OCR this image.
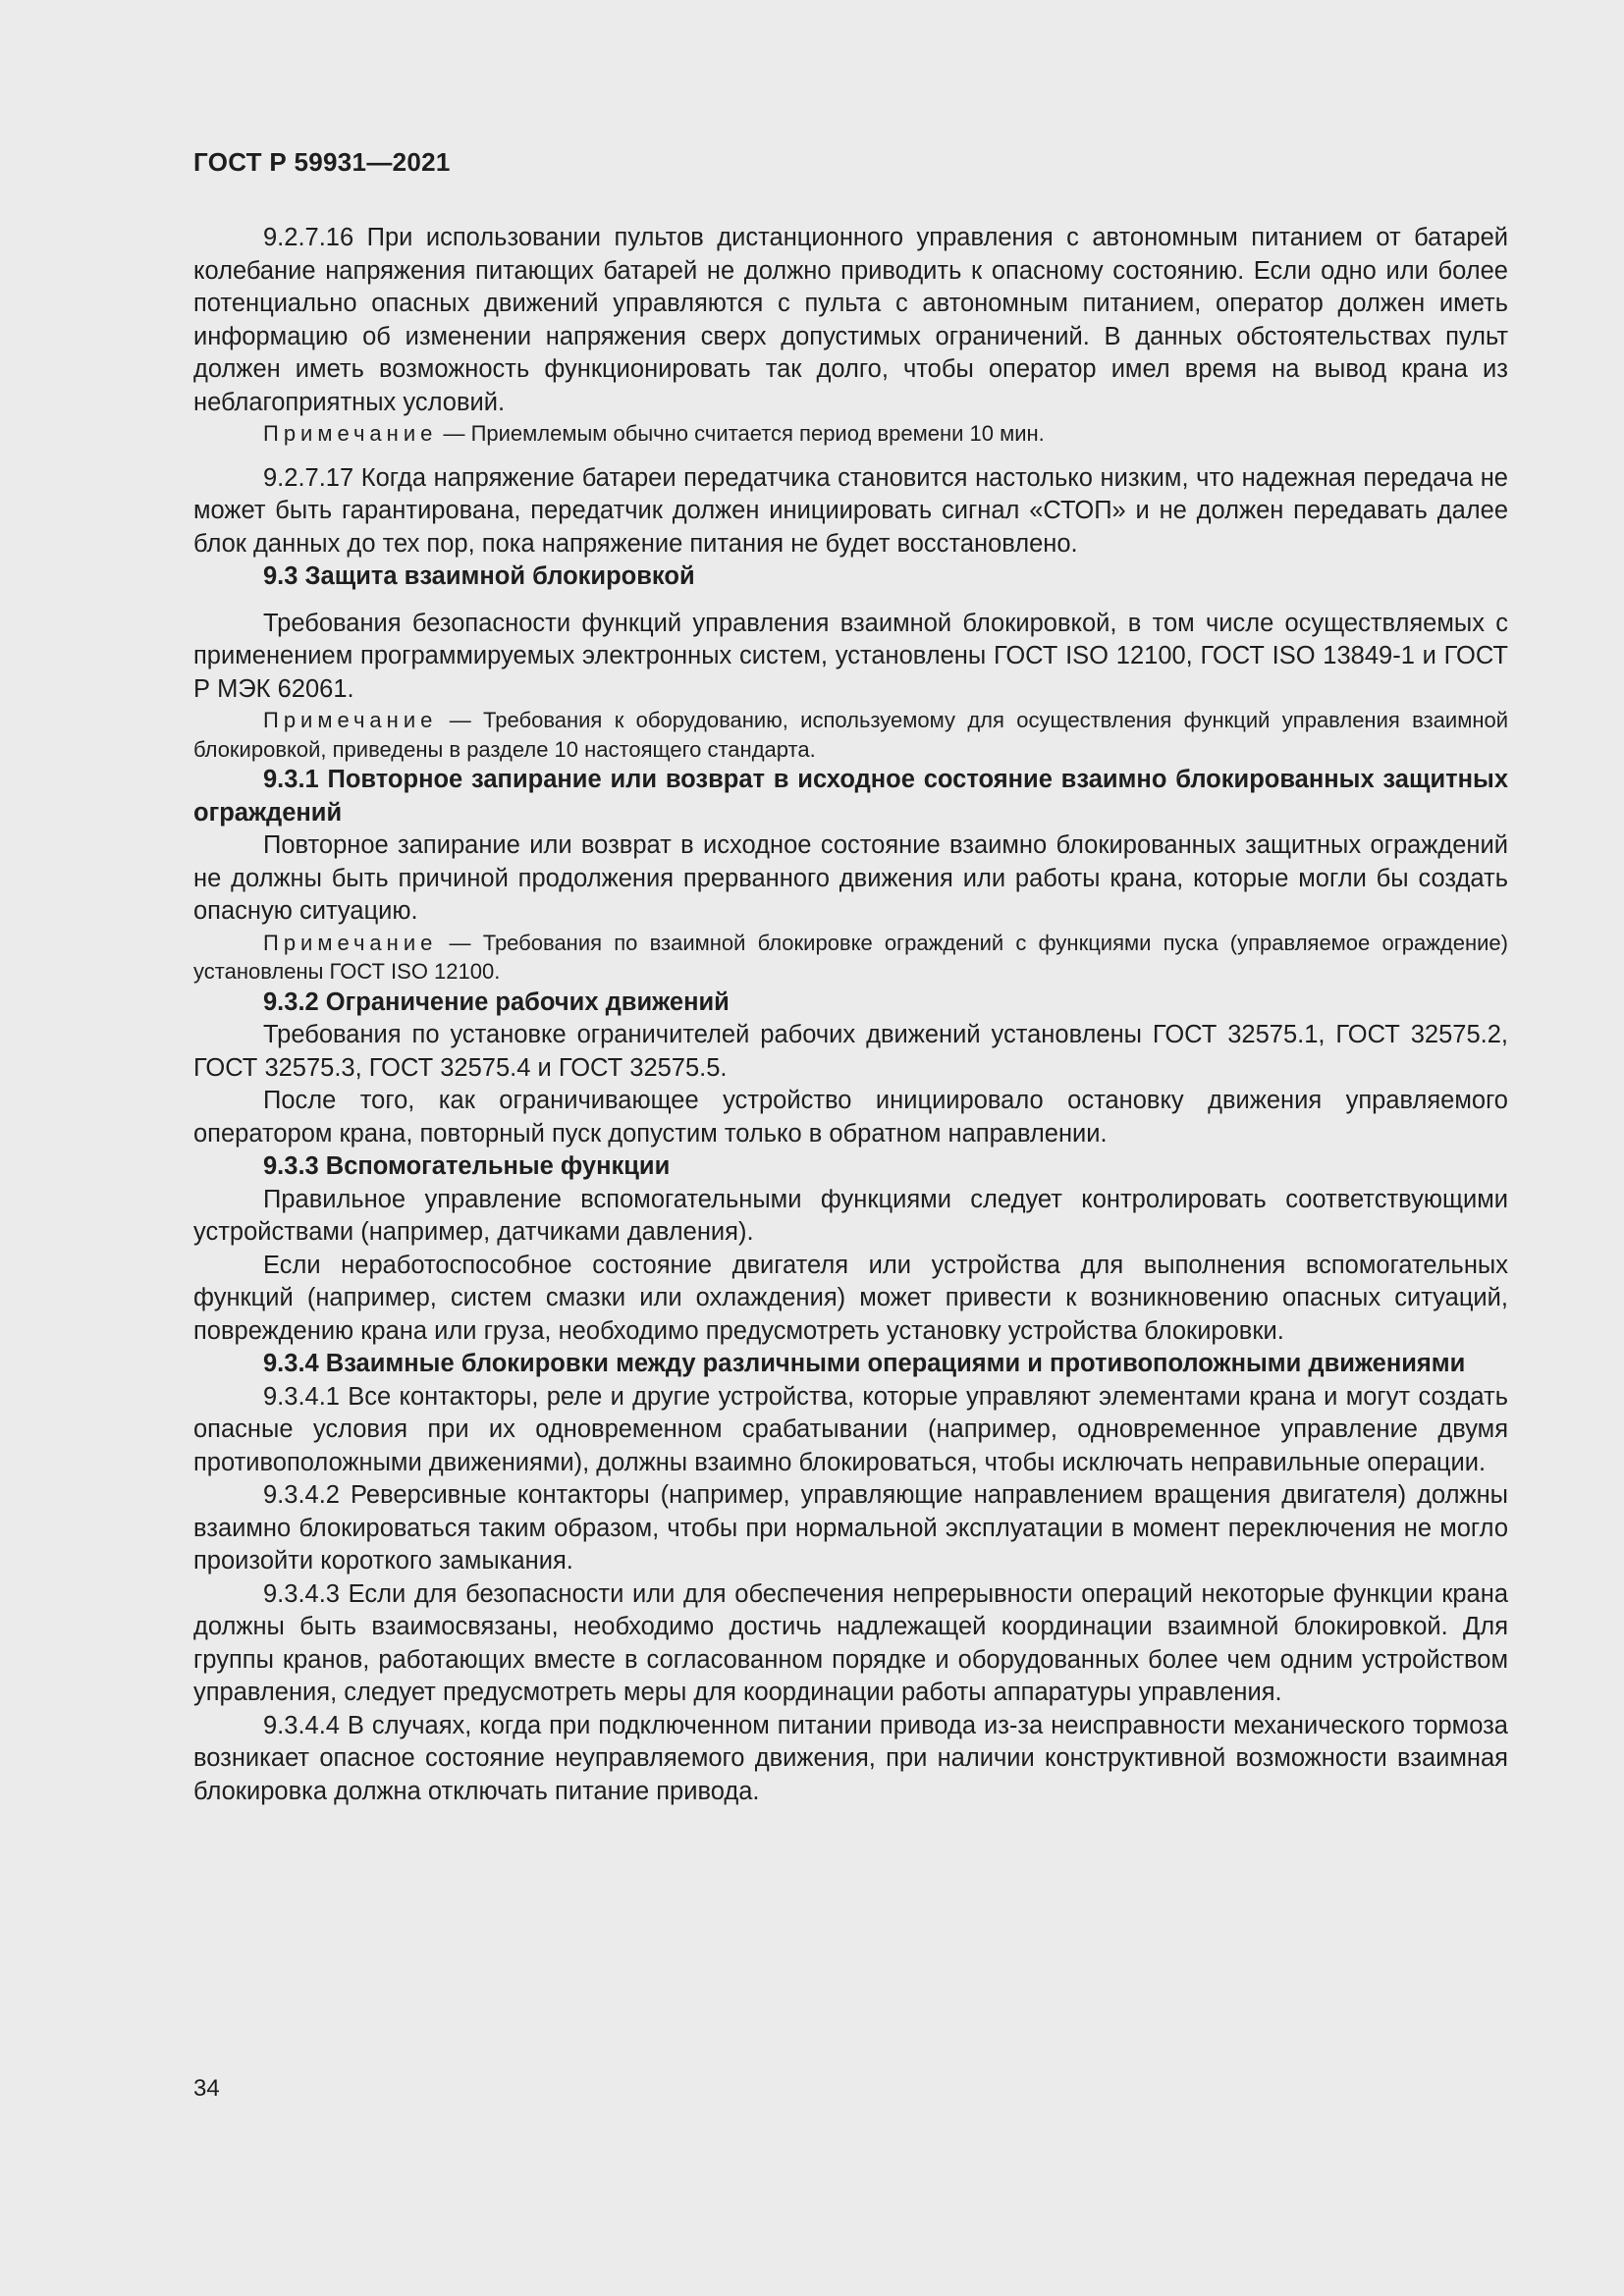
ГОСТ Р 59931—2021

9.2.7.16 При использовании пультов дистанционного управления с автономным питанием от батарей колебание напряжения питающих батарей не должно приводить к опасному состоянию. Если одно или более потенциально опасных движений управляются с пульта с автономным питанием, оператор должен иметь информацию об изменении напряжения сверх допустимых ограничений. В данных обстоятельствах пульт должен иметь возможность функционировать так долго, чтобы оператор имел время на вывод крана из неблагоприятных условий.

Примечание — Приемлемым обычно считается период времени 10 мин.

9.2.7.17 Когда напряжение батареи передатчика становится настолько низким, что надежная передача не может быть гарантирована, передатчик должен инициировать сигнал «СТОП» и не должен передавать далее блок данных до тех пор, пока напряжение питания не будет восстановлено.

9.3 Защита взаимной блокировкой

Требования безопасности функций управления взаимной блокировкой, в том числе осуществляемых с применением программируемых электронных систем, установлены ГОСТ ISO 12100, ГОСТ ISO 13849-1 и ГОСТ Р МЭК 62061.

Примечание — Требования к оборудованию, используемому для осуществления функций управления взаимной блокировкой, приведены в разделе 10 настоящего стандарта.

9.3.1 Повторное запирание или возврат в исходное состояние взаимно блокированных защитных ограждений

Повторное запирание или возврат в исходное состояние взаимно блокированных защитных ограждений не должны быть причиной продолжения прерванного движения или работы крана, которые могли бы создать опасную ситуацию.

Примечание — Требования по взаимной блокировке ограждений с функциями пуска (управляемое ограждение) установлены ГОСТ ISO 12100.

9.3.2 Ограничение рабочих движений

Требования по установке ограничителей рабочих движений установлены ГОСТ 32575.1, ГОСТ 32575.2, ГОСТ 32575.3, ГОСТ 32575.4 и ГОСТ 32575.5.

После того, как ограничивающее устройство инициировало остановку движения управляемого оператором крана, повторный пуск допустим только в обратном направлении.

9.3.3 Вспомогательные функции

Правильное управление вспомогательными функциями следует контролировать соответствующими устройствами (например, датчиками давления).

Если неработоспособное состояние двигателя или устройства для выполнения вспомогательных функций (например, систем смазки или охлаждения) может привести к возникновению опасных ситуаций, повреждению крана или груза, необходимо предусмотреть установку устройства блокировки.

9.3.4 Взаимные блокировки между различными операциями и противоположными движениями

9.3.4.1 Все контакторы, реле и другие устройства, которые управляют элементами крана и могут создать опасные условия при их одновременном срабатывании (например, одновременное управление двумя противоположными движениями), должны взаимно блокироваться, чтобы исключать неправильные операции.

9.3.4.2 Реверсивные контакторы (например, управляющие направлением вращения двигателя) должны взаимно блокироваться таким образом, чтобы при нормальной эксплуатации в момент переключения не могло произойти короткого замыкания.

9.3.4.3 Если для безопасности или для обеспечения непрерывности операций некоторые функции крана должны быть взаимосвязаны, необходимо достичь надлежащей координации взаимной блокировкой. Для группы кранов, работающих вместе в согласованном порядке и оборудованных более чем одним устройством управления, следует предусмотреть меры для координации работы аппаратуры управления.

9.3.4.4 В случаях, когда при подключенном питании привода из-за неисправности механического тормоза возникает опасное состояние неуправляемого движения, при наличии конструктивной возможности взаимная блокировка должна отключать питание привода.

34
